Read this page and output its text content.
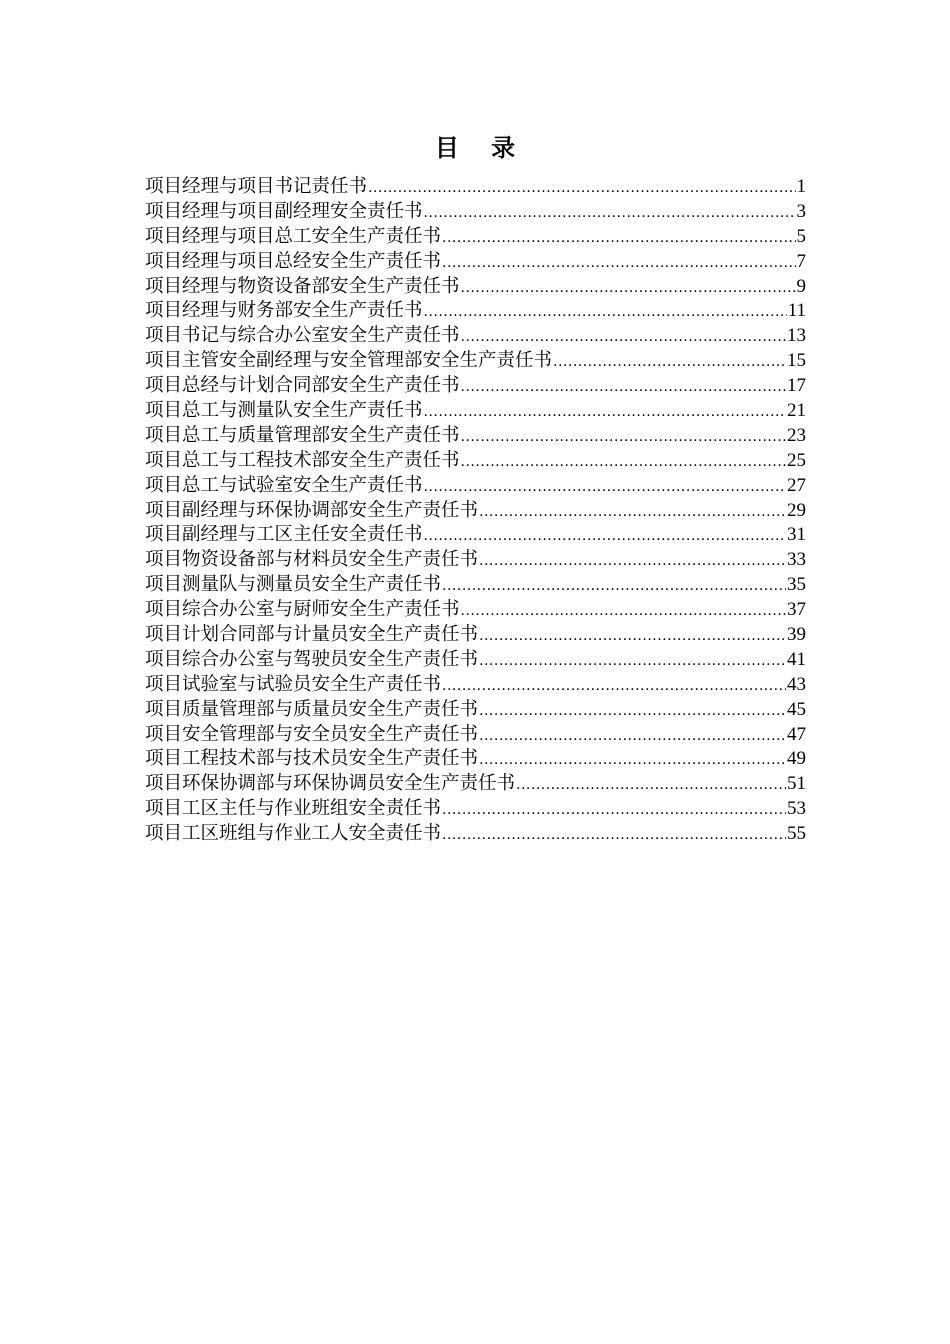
目 录
项目经理与项目书记责任书 .....	1
项目经理与项目副经理安全责任书 .....	3
项目经理与项目总工安全生产责任书 .....	5
项目经理与项目总经安全生产责任书 .....	7
项目经理与物资设备部安全生产责任书 .....	9
项目经理与财务部安全生产责任书 .....	11
项目书记与综合办公室安全生产责任书 .....	13
项目主管安全副经理与安全管理部安全生产责任书 .....	15
项目总经与计划合同部安全生产责任书 .....	17
项目总工与测量队安全生产责任书 .....	21
项目总工与质量管理部安全生产责任书 .....	23
项目总工与工程技术部安全生产责任书 .....	25
项目总工与试验室安全生产责任书 .....	27
项目副经理与环保协调部安全生产责任书 .....	29
项目副经理与工区主任安全责任书 .....	31
项目物资设备部与材料员安全生产责任书 .....	33
项目测量队与测量员安全生产责任书 .....	35
项目综合办公室与厨师安全生产责任书 .....	37
项目计划合同部与计量员安全生产责任书 .....	39
项目综合办公室与驾驶员安全生产责任书 .....	41
项目试验室与试验员安全生产责任书 .....	43
项目质量管理部与质量员安全生产责任书 .....	45
项目安全管理部与安全员安全生产责任书 .....	47
项目工程技术部与技术员安全生产责任书 .....	49
项目环保协调部与环保协调员安全生产责任书 .....	51
项目工区主任与作业班组安全责任书 .....	53
项目工区班组与作业工人安全责任书 .....	55
